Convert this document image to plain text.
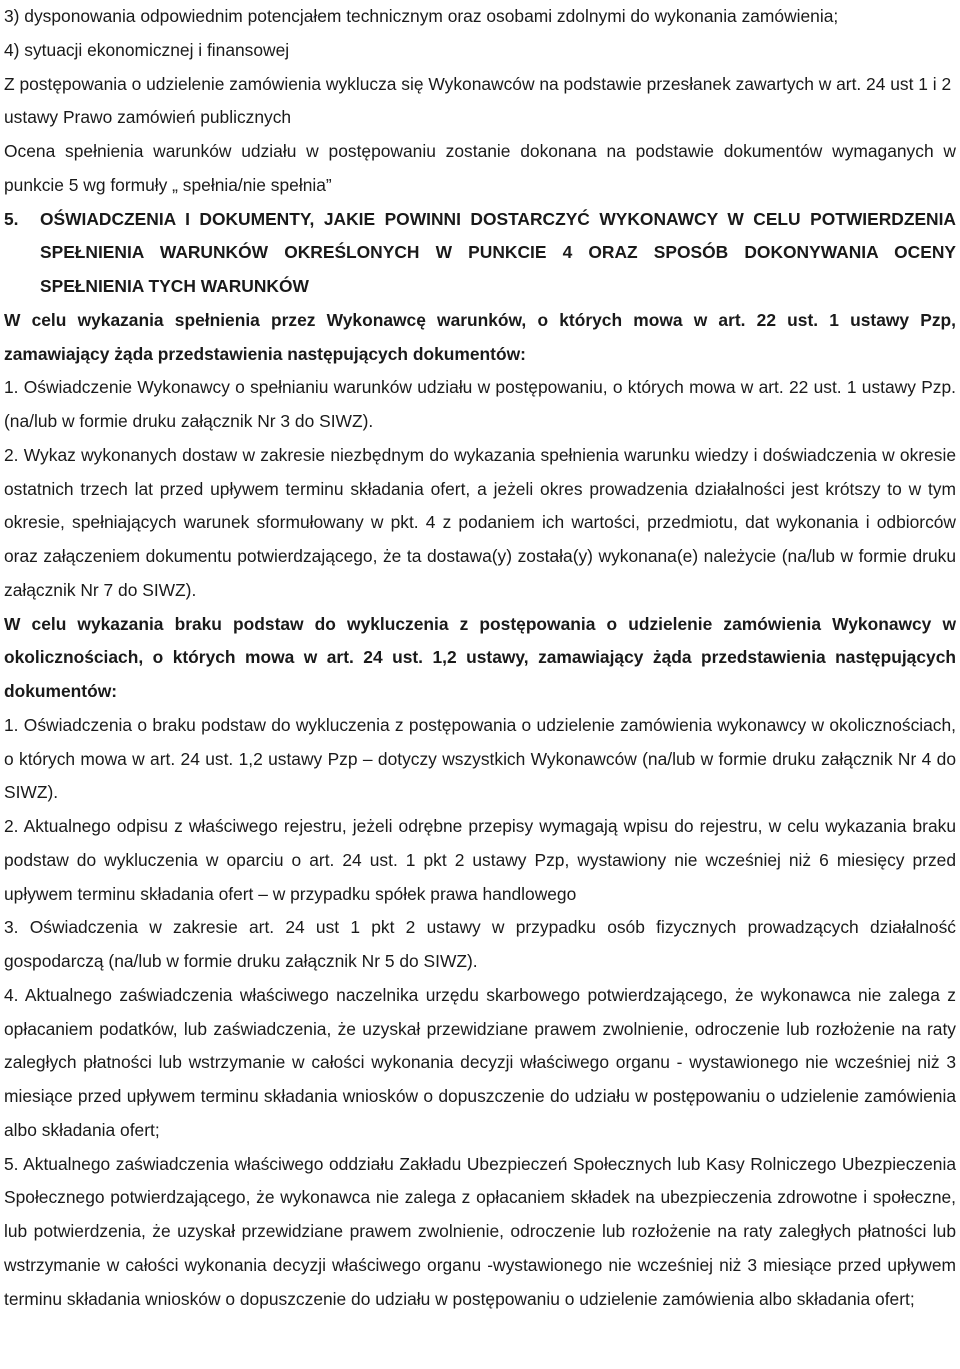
3) dysponowania odpowiednim potencjałem technicznym oraz osobami zdolnymi do wykonania zamówienia;

4) sytuacji ekonomicznej i finansowej

Z postępowania o udzielenie zamówienia wyklucza się Wykonawców na podstawie przesłanek zawartych w art. 24 ust 1 i 2 ustawy Prawo zamówień publicznych

Ocena spełnienia warunków udziału w postępowaniu zostanie dokonana na podstawie dokumentów wymaganych w punkcie 5 wg formuły „ spełnia/nie spełnia”

5.	OŚWIADCZENIA I DOKUMENTY, JAKIE POWINNI DOSTARCZYĆ WYKONAWCY W CELU POTWIERDZENIA SPEŁNIENIA WARUNKÓW OKREŚLONYCH W PUNKCIE 4 ORAZ SPOSÓB DOKONYWANIA OCENY SPEŁNIENIA TYCH WARUNKÓW

W celu wykazania spełnienia przez Wykonawcę warunków, o których mowa w art. 22 ust. 1 ustawy Pzp, zamawiający żąda przedstawienia następujących dokumentów:

1. Oświadczenie Wykonawcy o spełnianiu warunków udziału w postępowaniu, o których mowa w art. 22 ust. 1 ustawy Pzp. (na/lub w formie druku załącznik Nr 3 do SIWZ).

2. Wykaz wykonanych dostaw w zakresie niezbędnym do wykazania spełnienia warunku wiedzy i doświadczenia w okresie ostatnich trzech lat przed upływem terminu składania ofert, a jeżeli okres prowadzenia działalności jest krótszy to w tym okresie, spełniających warunek sformułowany w pkt. 4 z podaniem ich wartości, przedmiotu, dat wykonania i odbiorców oraz załączeniem dokumentu potwierdzającego, że ta dostawa(y) została(y) wykonana(e) należycie (na/lub w formie druku załącznik Nr 7 do SIWZ).

W celu wykazania braku podstaw do wykluczenia z postępowania o udzielenie zamówienia Wykonawcy w okolicznościach, o których mowa w art. 24 ust. 1,2 ustawy, zamawiający żąda przedstawienia następujących dokumentów:

1. Oświadczenia o braku podstaw do wykluczenia z postępowania o udzielenie zamówienia wykonawcy w okolicznościach, o których mowa w art. 24 ust. 1,2 ustawy Pzp – dotyczy wszystkich Wykonawców (na/lub w formie druku załącznik Nr 4 do SIWZ).

2. Aktualnego odpisu z właściwego rejestru, jeżeli odrębne przepisy wymagają wpisu do rejestru, w celu wykazania braku podstaw do wykluczenia w oparciu o art. 24 ust. 1 pkt 2 ustawy Pzp, wystawiony nie wcześniej niż 6 miesięcy przed upływem terminu składania ofert – w przypadku spółek prawa handlowego

3. Oświadczenia w zakresie art. 24 ust 1 pkt 2 ustawy w przypadku osób fizycznych prowadzących działalność gospodarczą (na/lub w formie druku załącznik Nr 5 do SIWZ).

4. Aktualnego zaświadczenia właściwego naczelnika urzędu skarbowego potwierdzającego, że wykonawca nie zalega z opłacaniem podatków, lub zaświadczenia, że uzyskał przewidziane prawem zwolnienie, odroczenie lub rozłożenie na raty zaległych płatności lub wstrzymanie w całości wykonania decyzji właściwego organu - wystawionego nie wcześniej niż 3 miesiące przed upływem terminu składania wniosków o dopuszczenie do udziału w postępowaniu o udzielenie zamówienia albo składania ofert;

5. Aktualnego zaświadczenia właściwego oddziału Zakładu Ubezpieczeń Społecznych lub Kasy Rolniczego Ubezpieczenia Społecznego potwierdzającego, że wykonawca nie zalega z opłacaniem składek na ubezpieczenia zdrowotne i społeczne, lub potwierdzenia, że uzyskał przewidziane prawem zwolnienie, odroczenie lub rozłożenie na raty zaległych płatności lub wstrzymanie w całości wykonania decyzji właściwego organu -wystawionego nie wcześniej niż 3 miesiące przed upływem terminu składania wniosków o dopuszczenie do udziału w postępowaniu o udzielenie zamówienia albo składania ofert;
